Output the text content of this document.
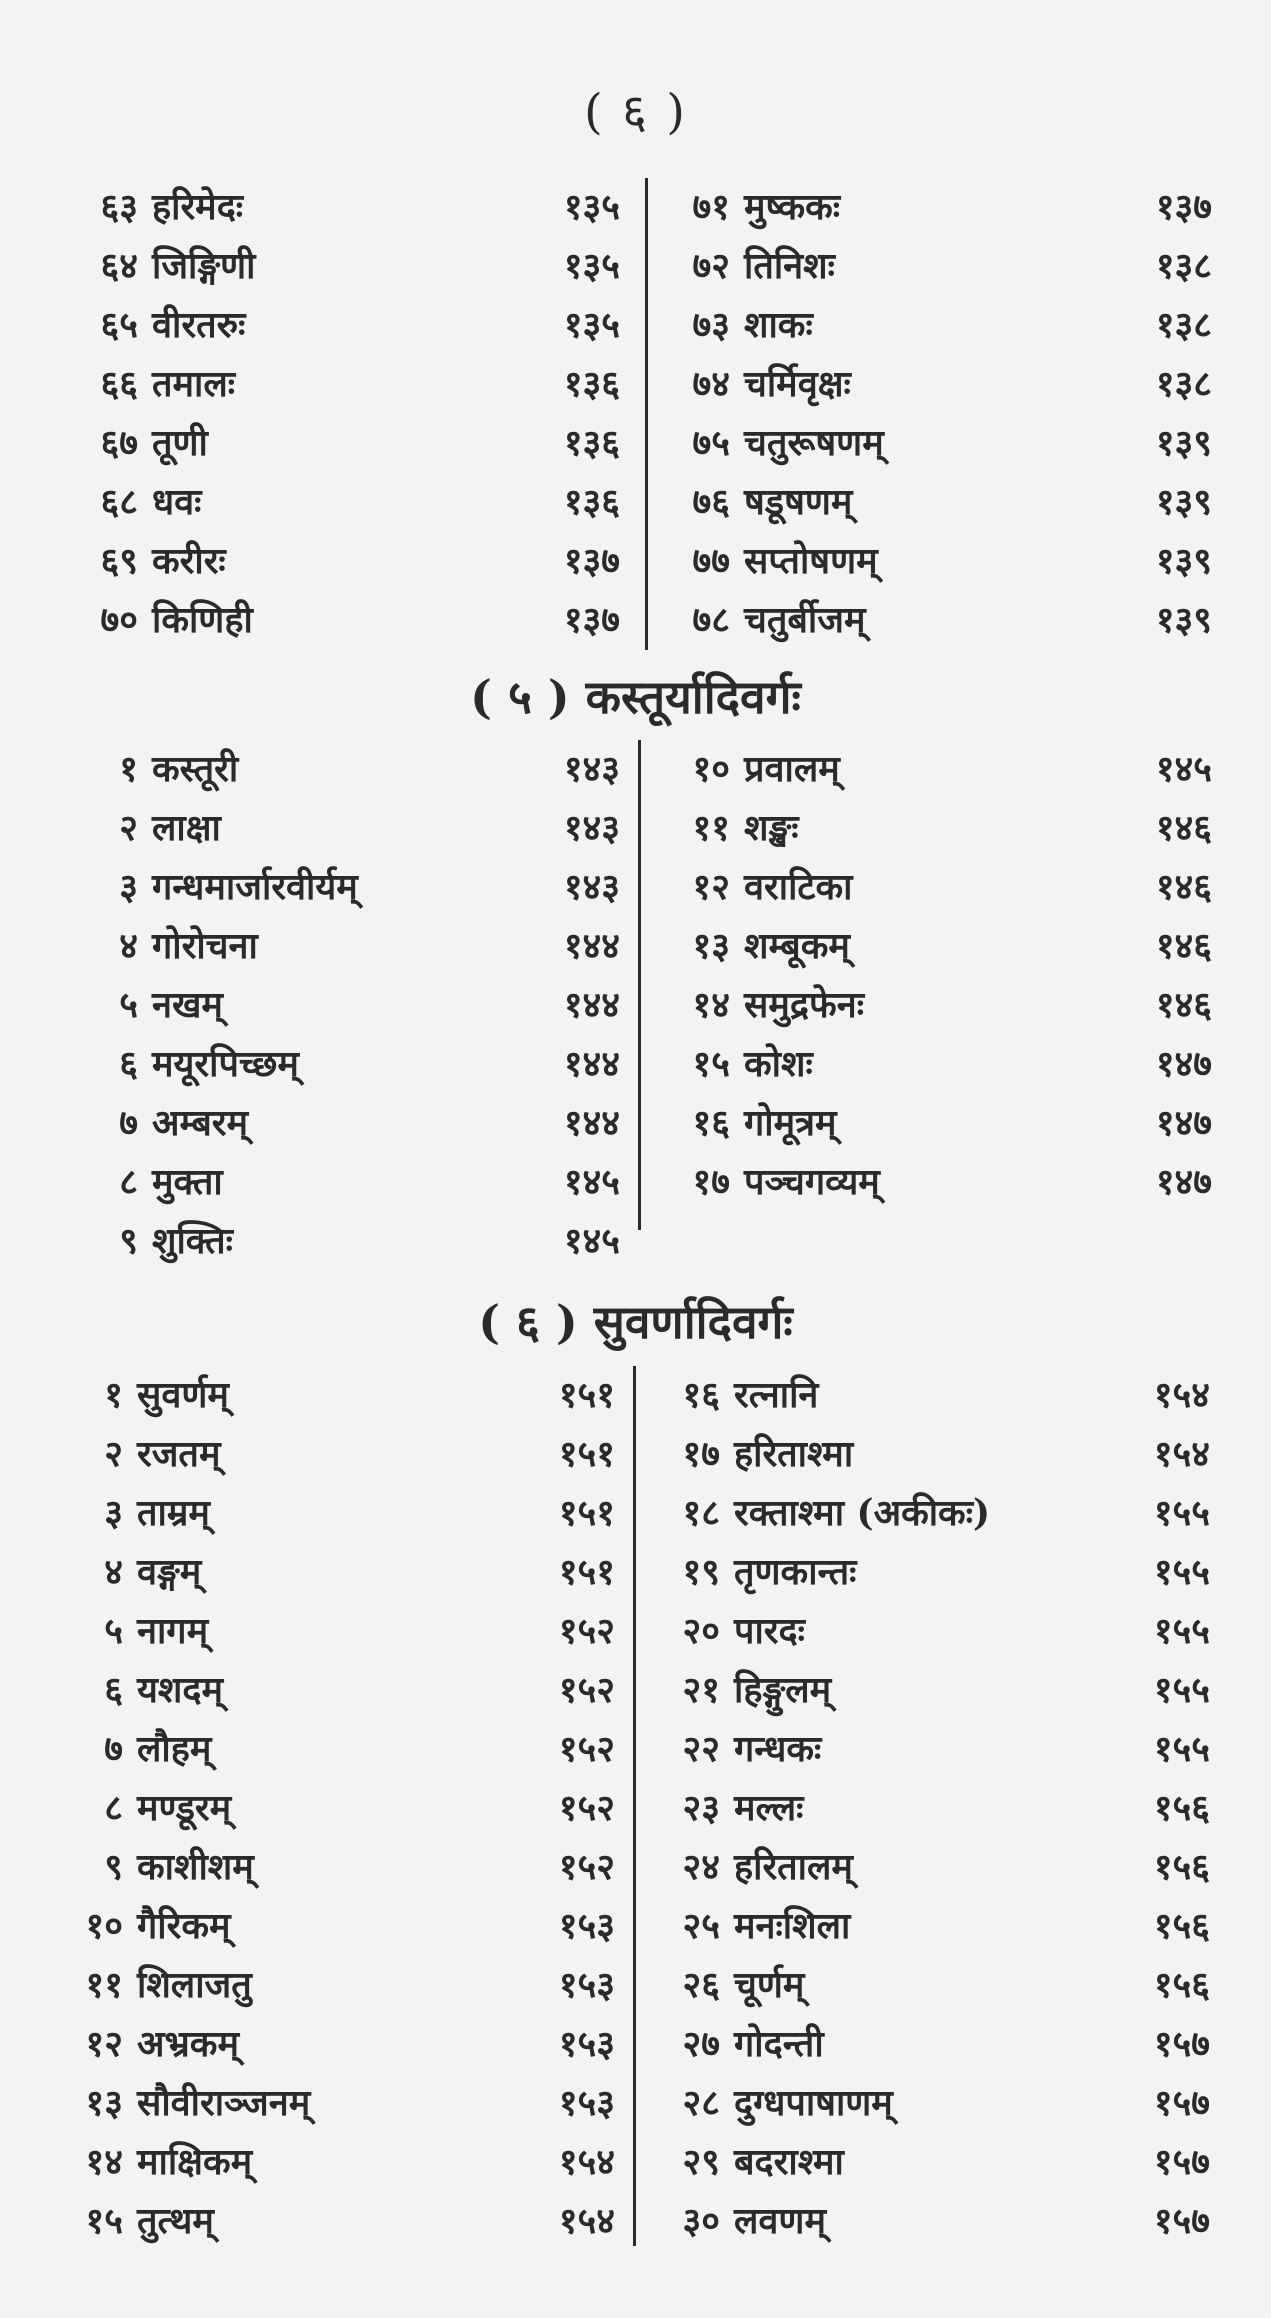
( ६ )
६३ हरिमेदः	१३५
६४ जिङ्गिणी	१३५
६५ वीरतरुः	१३५
६६ तमालः	१३६
६७ तूणी	१३६
६८ धवः	१३६
६९ करीरः	१३७
७० किणिही	१३७
७१ मुष्ककः	१३७
७२ तिनिशः	१३८
७३ शाकः	१३८
७४ चर्मिवृक्षः	१३८
७५ चतुरूषणम्	१३९
७६ षडूषणम्	१३९
७७ सप्तोषणम्	१३९
७८ चतुर्बीजम्	१३९
( ५ ) कस्तूर्यादिवर्गः
१ कस्तूरी	१४३
२ लाक्षा	१४३
३ गन्धमार्जारवीर्यम्	१४३
४ गोरोचना	१४४
५ नखम्	१४४
६ मयूरपिच्छम्	१४४
७ अम्बरम्	१४४
८ मुक्ता	१४५
९ शुक्तिः	१४५
१० प्रवालम्	१४५
११ शङ्खः	१४६
१२ वराटिका	१४६
१३ शम्बूकम्	१४६
१४ समुद्रफेनः	१४६
१५ कोशः	१४७
१६ गोमूत्रम्	१४७
१७ पञ्चगव्यम्	१४७
( ६ ) सुवर्णादिवर्गः
१ सुवर्णम्	१५१
२ रजतम्	१५१
३ ताम्रम्	१५१
४ वङ्गम्	१५१
५ नागम्	१५२
६ यशदम्	१५२
७ लौहम्	१५२
८ मण्डूरम्	१५२
९ काशीशम्	१५२
१० गैरिकम्	१५३
११ शिलाजतु	१५३
१२ अभ्रकम्	१५३
१३ सौवीराञ्जनम्	१५३
१४ माक्षिकम्	१५४
१५ तुत्थम्	१५४
१६ रत्नानि	१५४
१७ हरिताश्मा	१५४
१८ रक्ताश्मा (अकीकः)	१५५
१९ तृणकान्तः	१५५
२० पारदः	१५५
२१ हिङ्गुलम्	१५५
२२ गन्धकः	१५५
२३ मल्लः	१५६
२४ हरितालम्	१५६
२५ मनःशिला	१५६
२६ चूर्णम्	१५६
२७ गोदन्ती	१५७
२८ दुग्धपाषाणम्	१५७
२९ बदराश्मा	१५७
३० लवणम्	१५७
